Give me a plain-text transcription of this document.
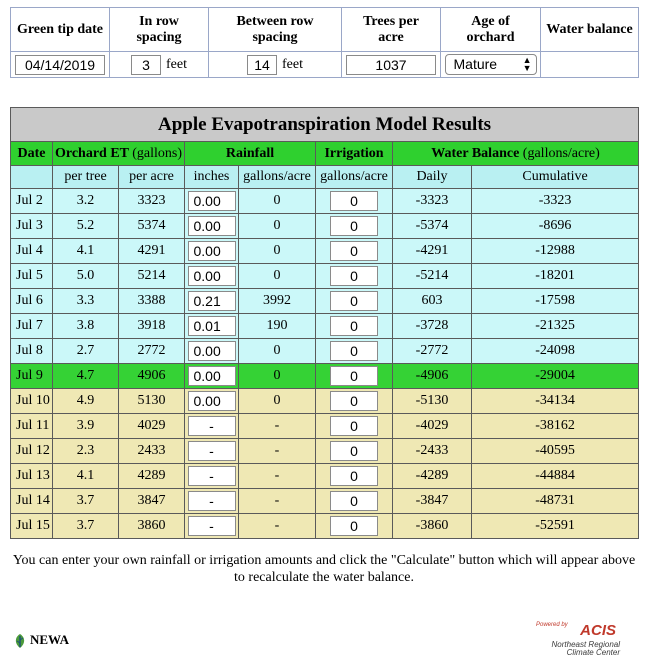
Green tip date	In row spacing	Between row spacing	Trees per acre	Age of orchard	Water balance
04/14/2019	3 feet	14 feet	1037	Mature ▲
▼	

Apple Evapotranspiration Model Results							
Date	Orchard ET (gallons)		Rainfall		Irrigation	Water Balance (gallons/acre)	
	per tree	per acre	inches	gallons/acre	gallons/acre	Daily	Cumulative
Jul 2	3.2	3323	0.00	0	0	-3323	-3323
Jul 3	5.2	5374	0.00	0	0	-5374	-8696
Jul 4	4.1	4291	0.00	0	0	-4291	-12988
Jul 5	5.0	5214	0.00	0	0	-5214	-18201
Jul 6	3.3	3388	0.21	3992	0	603	-17598
Jul 7	3.8	3918	0.01	190	0	-3728	-21325
Jul 8	2.7	2772	0.00	0	0	-2772	-24098
Jul 9	4.7	4906	0.00	0	0	-4906	-29004
Jul 10	4.9	5130	0.00	0	0	-5130	-34134
Jul 11	3.9	4029	-	-	0	-4029	-38162
Jul 12	2.3	2433	-	-	0	-2433	-40595
Jul 13	4.1	4289	-	-	0	-4289	-44884
Jul 14	3.7	3847	-	-	0	-3847	-48731
Jul 15	3.7	3860	-	-	0	-3860	-52591
You can enter your own rainfall or irrigation amounts and click the "Calculate" button which will appear above to recalculate the water balance.
NEWA
Powered by ACIS
Northeast Regional
Climate Center
